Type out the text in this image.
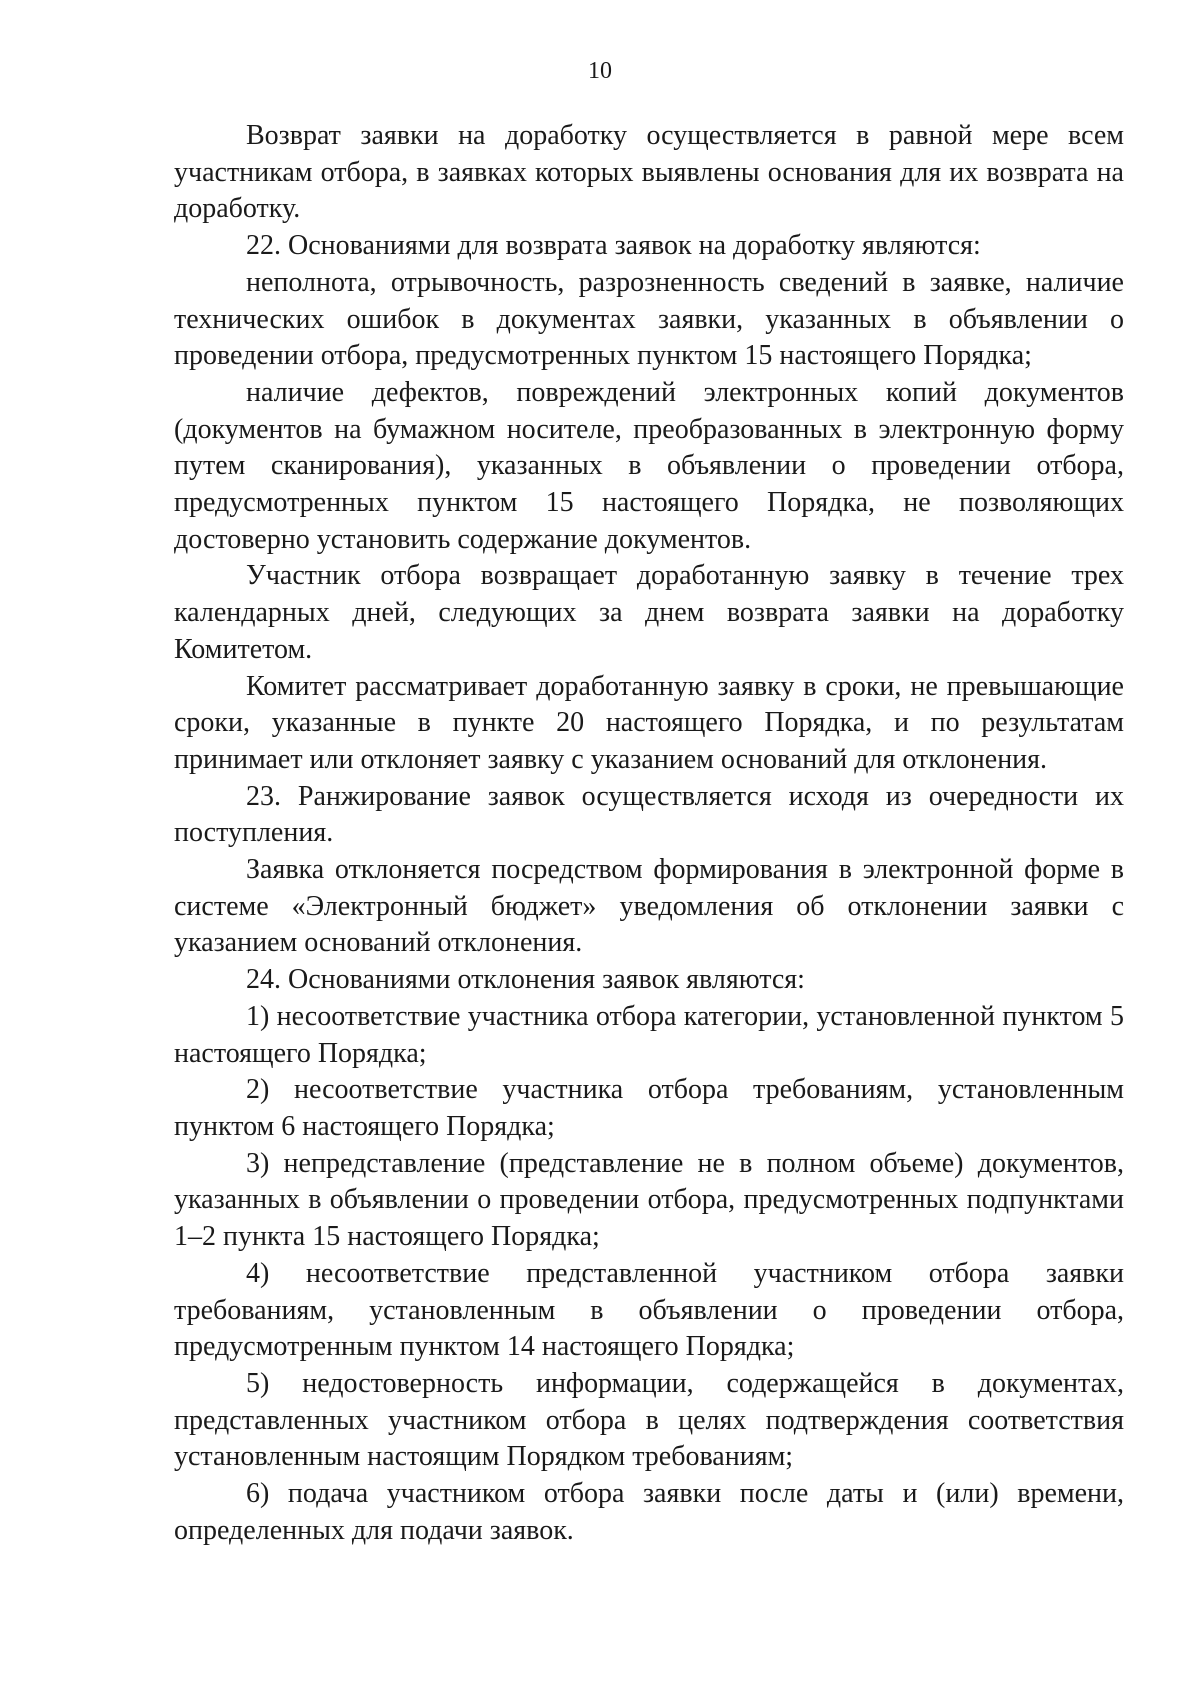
10

Возврат заявки на доработку осуществляется в равной мере всем участникам отбора, в заявках которых выявлены основания для их возврата на доработку.

22. Основаниями для возврата заявок на доработку являются:

неполнота, отрывочность, разрозненность сведений в заявке, наличие технических ошибок в документах заявки, указанных в объявлении о проведении отбора, предусмотренных пунктом 15 настоящего Порядка;

наличие дефектов, повреждений электронных копий документов (документов на бумажном носителе, преобразованных в электронную форму путем сканирования), указанных в объявлении о проведении отбора, предусмотренных пунктом 15 настоящего Порядка, не позволяющих достоверно установить содержание документов.

Участник отбора возвращает доработанную заявку в течение трех календарных дней, следующих за днем возврата заявки на доработку Комитетом.

Комитет рассматривает доработанную заявку в сроки, не превышающие сроки, указанные в пункте 20 настоящего Порядка, и по результатам принимает или отклоняет заявку с указанием оснований для отклонения.

23. Ранжирование заявок осуществляется исходя из очередности их поступления.

Заявка отклоняется посредством формирования в электронной форме в системе «Электронный бюджет» уведомления об отклонении заявки с указанием оснований отклонения.

24. Основаниями отклонения заявок являются:

1) несоответствие участника отбора категории, установленной пунктом 5 настоящего Порядка;

2) несоответствие участника отбора требованиям, установленным пунктом 6 настоящего Порядка;

3) непредставление (представление не в полном объеме) документов, указанных в объявлении о проведении отбора, предусмотренных подпунктами 1–2 пункта 15 настоящего Порядка;

4) несоответствие представленной участником отбора заявки требованиям, установленным в объявлении о проведении отбора, предусмотренным пунктом 14 настоящего Порядка;

5) недостоверность информации, содержащейся в документах, представленных участником отбора в целях подтверждения соответствия установленным настоящим Порядком требованиям;

6) подача участником отбора заявки после даты и (или) времени, определенных для подачи заявок.
